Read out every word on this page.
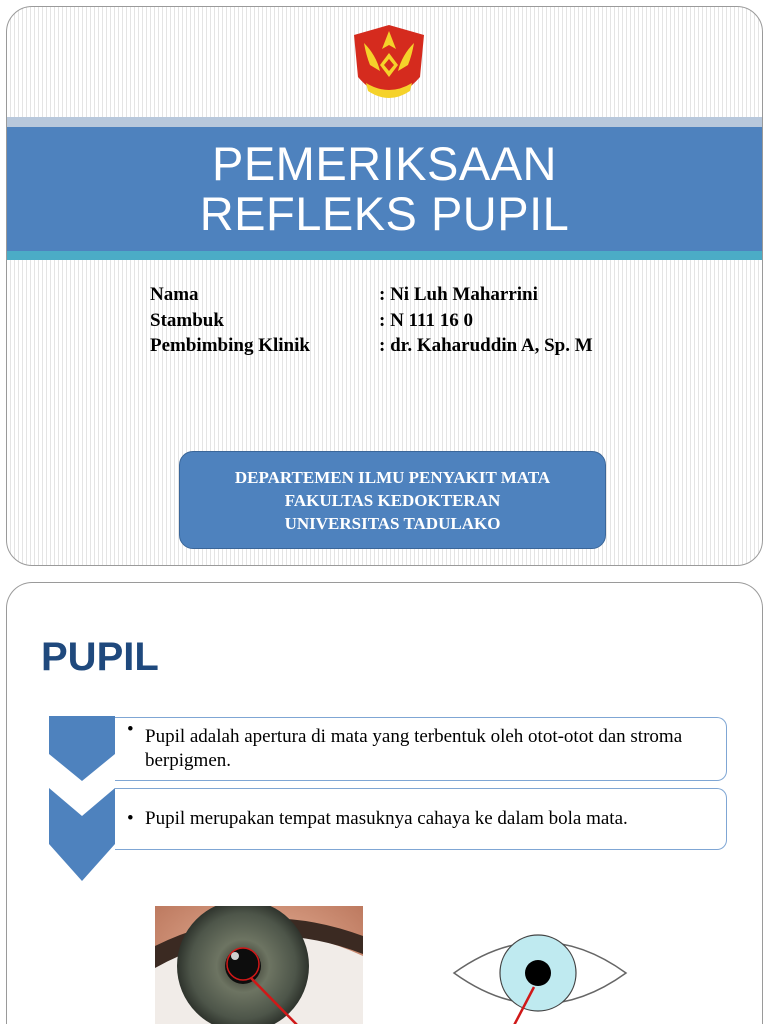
PEMERIKSAAN
REFLEKS PUPIL
Nama	: Ni Luh Maharrini
Stambuk	: N 111 16 0
Pembimbing Klinik	: dr. Kaharuddin A, Sp. M
DEPARTEMEN ILMU PENYAKIT MATA
FAKULTAS KEDOKTERAN
UNIVERSITAS TADULAKO
PUPIL
• Pupil adalah apertura di mata yang terbentuk oleh otot-otot dan stroma berpigmen.
• Pupil merupakan tempat masuknya cahaya ke dalam bola mata.
